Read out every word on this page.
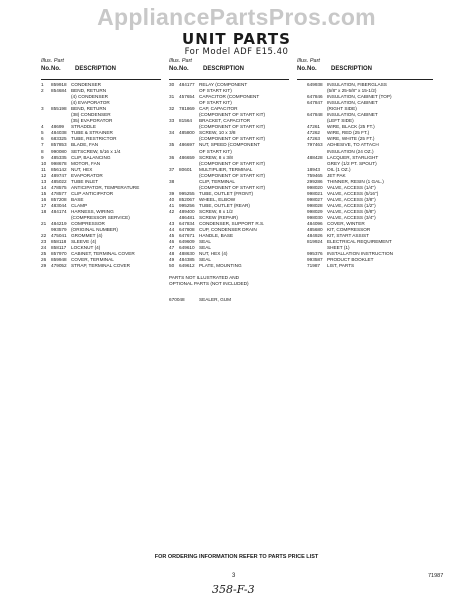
AppliancePartsPros.com
UNIT PARTS
For Model ADF E15.40
Illus. Part
No. No. DESCRIPTION
1	859918 CONDENSER
2	854684 BEND, RETURN
(4) CONDENSER
(4) EVAPORATOR
3	855198 BEND, RETURN
(38) CONDENSER
(35) EVAPORATOR
4	48699	STRADDLE
5	484038 TUBE & STRAINER
6	683325 TUBE, RESTRICTOR
7	857853 BLADE, FAN
8	990080 SETSCREW, 5/16 x 1/4
9	485335 CLIP, BALANCING
10	998678 MOTOR, FAN
11	856142 NUT, HEX
12	489747 EVAPORATOR
13	485022 TUBE INLET
14	478575 ANTICIPATOR, TEMPERATURE
15	478577 CLIP ANTICIPATOR
16	857208 BASE
17	483044 CLAMP
18	484174 HARNESS, WIRING
(COMPRESSOR SERVICE)
21	484219 COMPRESSOR
993579 (ORIGINAL NUMBER)
22	475041 GROMMET (4)
23	858118	SLEEVE (4)
24	858117	LOCKNUT (4)
25	857970 CABINET, TERMINAL COVER
26	859948 COVER, TERMINAL
29	479052 STRAP, TERMINAL COVER
Illus. Part
No. No. DESCRIPTION
30	484177 RELAY (COMPONENT
OF START KIT)
31	457654 CAPACITOR (COMPONENT
OF START KIT)
32	781869 CAP, CAPACITOR
(COMPONENT OF START KIT)
33	81564	BRACKET, CAPACITOR
(COMPONENT OF START KIT)
34	485800 SCREW, 10 x 3/8
(COMPONENT OF START KIT)
35	486697 NUT, SPEED (COMPONENT
OF START KIT)
36	486659 SCREW, 8 x 3/8
(COMPONENT OF START KIT)
37	80601	MULTIPLIER, TERMINAL
(COMPONENT OF START KIT)
38	CLIP, TERMINAL
(COMPONENT OF START KIT)
39	995255 TUBE, OUTLET (FRONT)
40	852067 WHEEL, ELBOW
41	995256 TUBE, OUTLET (REAR)
42	489400 SCREW, 8 x 1/2
486481 SCREW (REPAIR)
43	647834 CONDENSER, SUPPORT R.S.
44	647808 CUP, CONDENSER DRAIN
45	647671 HANDLE, BASE
46	649609 SEAL
47	649610 SEAL
48	488630 NUT, HEX (4)
49	484385 SEAL
50	649612 PLATE, MOUNTING
PARTS NOT ILLUSTRATED AND
OPTIONAL PARTS (NOT INCLUDED)
670048	SEALER, GUM
Illus. Part
No. No. DESCRIPTION
649938 INSULATION, FIBERGLASS
(5/8" x 25-5/8" x 15-1/2)
647846 INSULATION, CABINET (TOP)
647847 INSULATION, CABINET
(RIGHT SIDE)
647848 INSULATION, CABINET
(LEFT SIDE)
47261	WIRE, BLACK (25 FT.)
47262	WIRE, RED (25 FT.)
47263	WIRE, WHITE (25 FT.)
797463 ADHESIVE, TO ATTACH
INSULATION (24 OZ.)
488428 LACQUER, STARLIGHT
GREY (1/2 PT. SPOUT)
18943	OIL (1 OZ.)
759465 JET PAK
299286 THINNER, RESIN (1 GAL.)
998020 VALVE, ACCESS (1/4")
998021 VALVE, ACCESS (5/16")
998027 VALVE, ACCESS (3/8")
998028 VALVE, ACCESS (1/2")
998029 VALVE, ACCESS (5/8")
998030 VALVE, ACCESS (3/4")
484096 COVER, WINTER
485680 KIT, COMPRESSOR
484926 KIT, START ASSIST
819924 ELECTRICAL REQUIREMENT
SHEET (1)
995376 INSTALLATION INSTRUCTION
993587 PRODUCT BOOKLET
71987	LIST, PARTS
FOR ORDERING INFORMATION REFER TO PARTS PRICE LIST
3	71987
358-F-3
